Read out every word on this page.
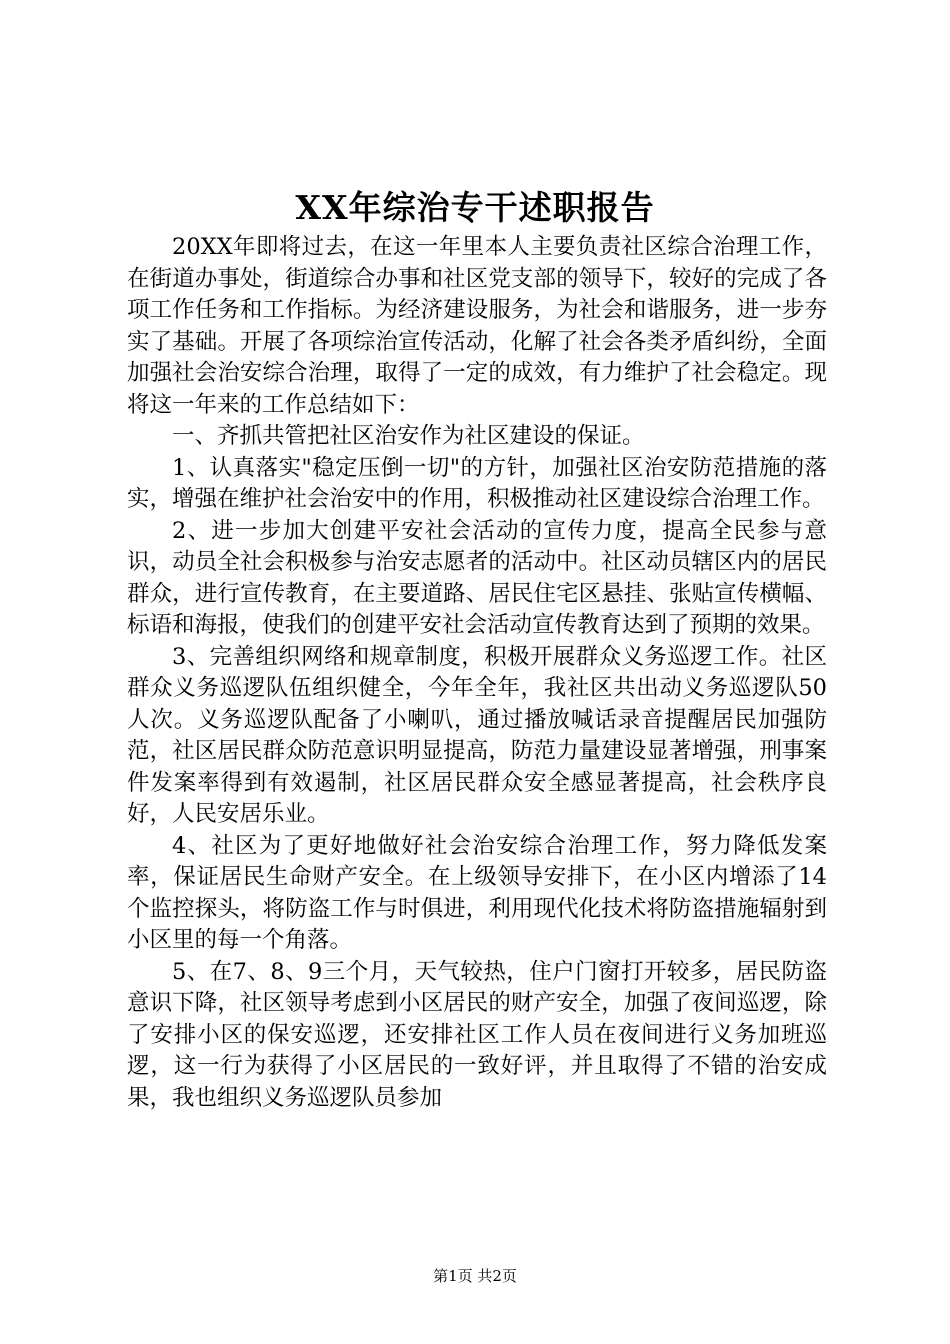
XX年综治专干述职报告

20XX年即将过去，在这一年里本人主要负责社区综合治理工作，在街道办事处，街道综合办事和社区党支部的领导下，较好的完成了各项工作任务和工作指标。为经济建设服务，为社会和谐服务，进一步夯实了基础。开展了各项综治宣传活动，化解了社会各类矛盾纠纷，全面加强社会治安综合治理，取得了一定的成效，有力维护了社会稳定。现将这一年来的工作总结如下：

一、齐抓共管把社区治安作为社区建设的保证。

1、认真落实"稳定压倒一切"的方针，加强社区治安防范措施的落实，增强在维护社会治安中的作用，积极推动社区建设综合治理工作。

2、进一步加大创建平安社会活动的宣传力度，提高全民参与意识，动员全社会积极参与治安志愿者的活动中。社区动员辖区内的居民群众，进行宣传教育，在主要道路、居民住宅区悬挂、张贴宣传横幅、标语和海报，使我们的创建平安社会活动宣传教育达到了预期的效果。

3、完善组织网络和规章制度，积极开展群众义务巡逻工作。社区群众义务巡逻队伍组织健全，今年全年，我社区共出动义务巡逻队50人次。义务巡逻队配备了小喇叭，通过播放喊话录音提醒居民加强防范，社区居民群众防范意识明显提高，防范力量建设显著增强，刑事案件发案率得到有效遏制，社区居民群众安全感显著提高，社会秩序良好，人民安居乐业。

4、社区为了更好地做好社会治安综合治理工作，努力降低发案率，保证居民生命财产安全。在上级领导安排下，在小区内增添了14个监控探头，将防盗工作与时俱进，利用现代化技术将防盗措施辐射到小区里的每一个角落。

5、在7、8、9三个月，天气较热，住户门窗打开较多，居民防盗意识下降，社区领导考虑到小区居民的财产安全，加强了夜间巡逻，除了安排小区的保安巡逻，还安排社区工作人员在夜间进行义务加班巡逻，这一行为获得了小区居民的一致好评，并且取得了不错的治安成果，我也组织义务巡逻队员参加

第1页 共2页
